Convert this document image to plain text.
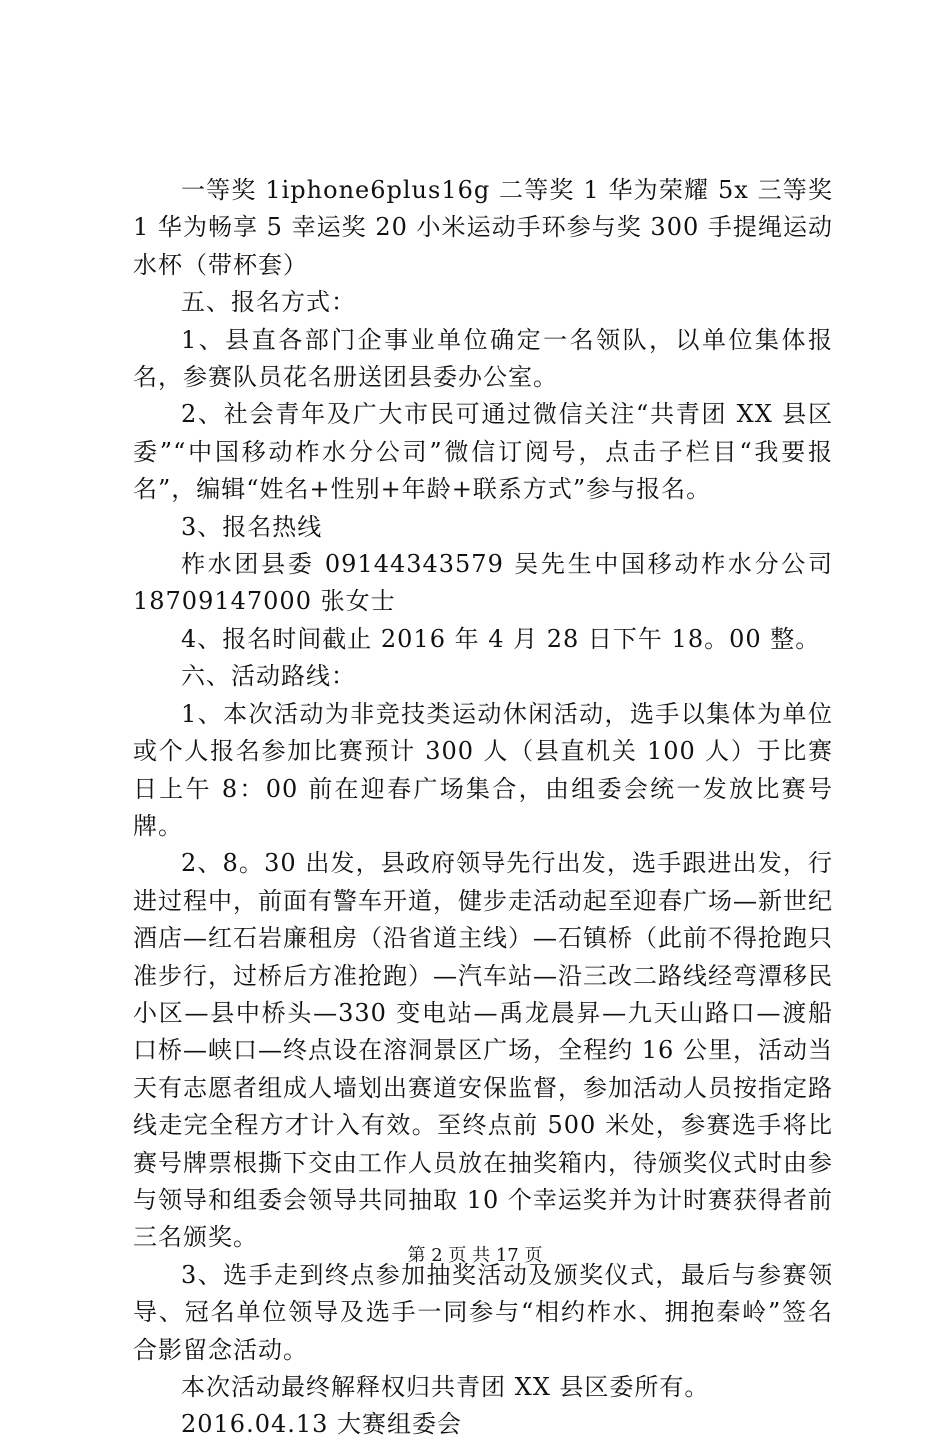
一等奖 1iphone6plus16g 二等奖 1 华为荣耀 5x 三等奖 1 华为畅享 5 幸运奖 20 小米运动手环参与奖 300 手提绳运动水杯（带杯套）

五、报名方式：

1、县直各部门企事业单位确定一名领队，以单位集体报名，参赛队员花名册送团县委办公室。

2、社会青年及广大市民可通过微信关注“共青团 XX 县区委”“中国移动柞水分公司”微信订阅号，点击子栏目“我要报名”，编辑“姓名+性别+年龄+联系方式”参与报名。

3、报名热线

柞水团县委 09144343579 吴先生中国移动柞水分公司 18709147000 张女士

4、报名时间截止 2016 年 4 月 28 日下午 18。00 整。

六、活动路线：

1、本次活动为非竞技类运动休闲活动，选手以集体为单位或个人报名参加比赛预计 300 人（县直机关 100 人）于比赛日上午 8：00 前在迎春广场集合，由组委会统一发放比赛号牌。

2、8。30 出发，县政府领导先行出发，选手跟进出发，行进过程中，前面有警车开道，健步走活动起至迎春广场—新世纪酒店—红石岩廉租房（沿省道主线）—石镇桥（此前不得抢跑只准步行，过桥后方准抢跑）—汽车站—沿三改二路线经弯潭移民小区—县中桥头—330 变电站—禹龙晨昇—九天山路口—渡船口桥—峡口—终点设在溶洞景区广场，全程约 16 公里，活动当天有志愿者组成人墙划出赛道安保监督，参加活动人员按指定路线走完全程方才计入有效。至终点前 500 米处，参赛选手将比赛号牌票根撕下交由工作人员放在抽奖箱内，待颁奖仪式时由参与领导和组委会领导共同抽取 10 个幸运奖并为计时赛获得者前三名颁奖。

3、选手走到终点参加抽奖活动及颁奖仪式，最后与参赛领导、冠名单位领导及选手一同参与“相约柞水、拥抱秦岭”签名合影留念活动。

本次活动最终解释权归共青团 XX 县区委所有。

2016.04.13 大赛组委会

第 2 页 共 17 页
